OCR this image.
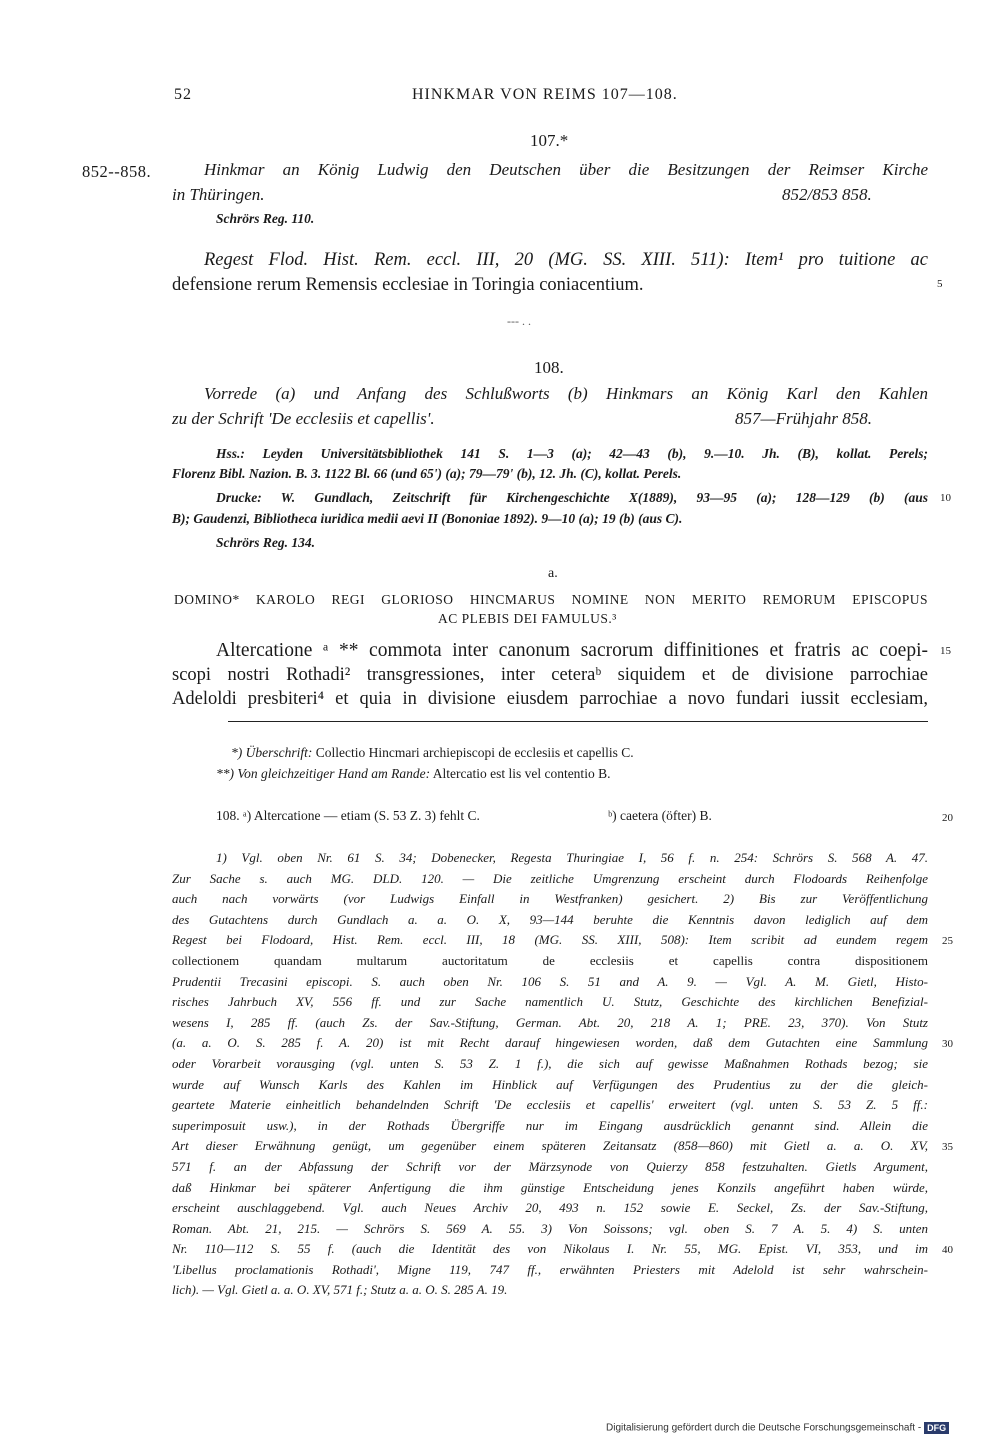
52	HINKMAR VON REIMS 107—108.
107.*
852--858.	Hinkmar an König Ludwig den Deutschen über die Besitzungen der Reimser Kirche
in Thüringen.	852/853 858.
Schrörs Reg. 110.
Regest Flod. Hist. Rem. eccl. III, 20 (MG. SS. XIII. 511): Item¹ pro tuitione ac
defensione rerum Remensis ecclesiae in Toringia coniacentium.	5
--- . .
108.
Vorrede (a) und Anfang des Schlußworts (b) Hinkmars an König Karl den Kahlen
zu der Schrift 'De ecclesiis et capellis'.	857—Frühjahr 858.
Hss.: Leyden Universitätsbibliothek 141 S. 1—3 (a); 42—43 (b), 9.—10. Jh. (B), kollat. Perels;
Florenz Bibl. Nazion. B. 3. 1122 Bl. 66 (und 65') (a); 79—79' (b), 12. Jh. (C), kollat. Perels.
Drucke: W. Gundlach, Zeitschrift für Kirchengeschichte X(1889), 93—95 (a); 128—129 (b) (aus 10
B); Gaudenzi, Bibliotheca iuridica medii aevi II (Bononiae 1892). 9—10 (a); 19 (b) (aus C).
Schrörs Reg. 134.
a.
DOMINO* KAROLO REGI GLORIOSO HINCMARUS NOMINE NON MERITO REMORUM EPISCOPUS
AC PLEBIS DEI FAMULUS.³
Altercatione ᵃ ** commota inter canonum sacrorum diffinitiones et fratris ac coepi- 15
scopi nostri Rothadi² transgressiones, inter ceteraᵇ siquidem et de divisione parrochiae
Adeloldi presbiteri⁴ et quia in divisione eiusdem parrochiae a novo fundari iussit ecclesiam,
*) Überschrift: Collectio Hincmari archiepiscopi de ecclesiis et capellis C.
**) Von gleichzeitiger Hand am Rande: Altercatio est lis vel contentio B.
108. ᵃ) Altercatione — etiam (S. 53 Z. 3) fehlt C.	ᵇ) caetera (öfter) B.	20
1) Vgl. oben Nr. 61 S. 34; Dobenecker, Regesta Thuringiae I, 56 f. n. 254: Schrörs S. 568 A. 47.
Zur Sache s. auch MG. DLD. 120. — Die zeitliche Umgrenzung erscheint durch Flodoards Reihenfolge
auch nach vorwärts (vor Ludwigs Einfall in Westfranken) gesichert. 2) Bis zur Veröffentlichung
des Gutachtens durch Gundlach a. a. O. X, 93—144 beruhte die Kenntnis davon lediglich auf dem
Regest bei Flodoard, Hist. Rem. eccl. III, 18 (MG. SS. XIII, 508): Item scribit ad eundem regem
collectionem quandam multarum auctoritatum de ecclesiis et capellis contra dispositionem
Prudentii Trecasini episcopi. S. auch oben Nr. 106 S. 51 and A. 9. — Vgl. A. M. Gietl, Histo-
risches Jahrbuch XV, 556 ff. und zur Sache namentlich U. Stutz, Geschichte des kirchlichen Benefizial-
wesens I, 285 ff. (auch Zs. der Sav.-Stiftung, German. Abt. 20, 218 A. 1; PRE. 23, 370). Von Stutz
(a. a. O. S. 285 f. A. 20) ist mit Recht darauf hingewiesen worden, daß dem Gutachten eine Sammlung
oder Vorarbeit vorausging (vgl. unten S. 53 Z. 1 f.), die sich auf gewisse Maßnahmen Rothads bezog; sie
wurde auf Wunsch Karls des Kahlen im Hinblick auf Verfügungen des Prudentius zu der die gleich-
geartete Materie einheitlich behandelnden Schrift 'De ecclesiis et capellis' erweitert (vgl. unten S. 53 Z. 5 ff.:
superimposuit usw.), in der Rothads Übergriffe nur im Eingang ausdrücklich genannt sind. Allein die
Art dieser Erwähnung genügt, um gegenüber einem späteren Zeitansatz (858—860) mit Gietl a. a. O. XV,
571 f. an der Abfassung der Schrift vor der Märzsynode von Quierzy 858 festzuhalten. Gietls Argument,
daß Hinkmar bei späterer Anfertigung die ihm günstige Entscheidung jenes Konzils angeführt haben würde,
erscheint auschlaggebend. Vgl. auch Neues Archiv 20, 493 n. 152 sowie E. Seckel, Zs. der Sav.-Stiftung,
Roman. Abt. 21, 215. — Schrörs S. 569 A. 55. 3) Von Soissons; vgl. oben S. 7 A. 5. 4) S. unten
Nr. 110—112 S. 55 f. (auch die Identität des von Nikolaus I. Nr. 55, MG. Epist. VI, 353, und im
'Libellus proclamationis Rothadi', Migne 119, 747 ff., erwähnten Priesters mit Adelold ist sehr wahrschein-
lich). — Vgl. Gietl a. a. O. XV, 571 f.; Stutz a. a. O. S. 285 A. 19.
25
30
35
40
Digitalisierung gefördert durch die Deutsche Forschungsgemeinschaft - DFG
